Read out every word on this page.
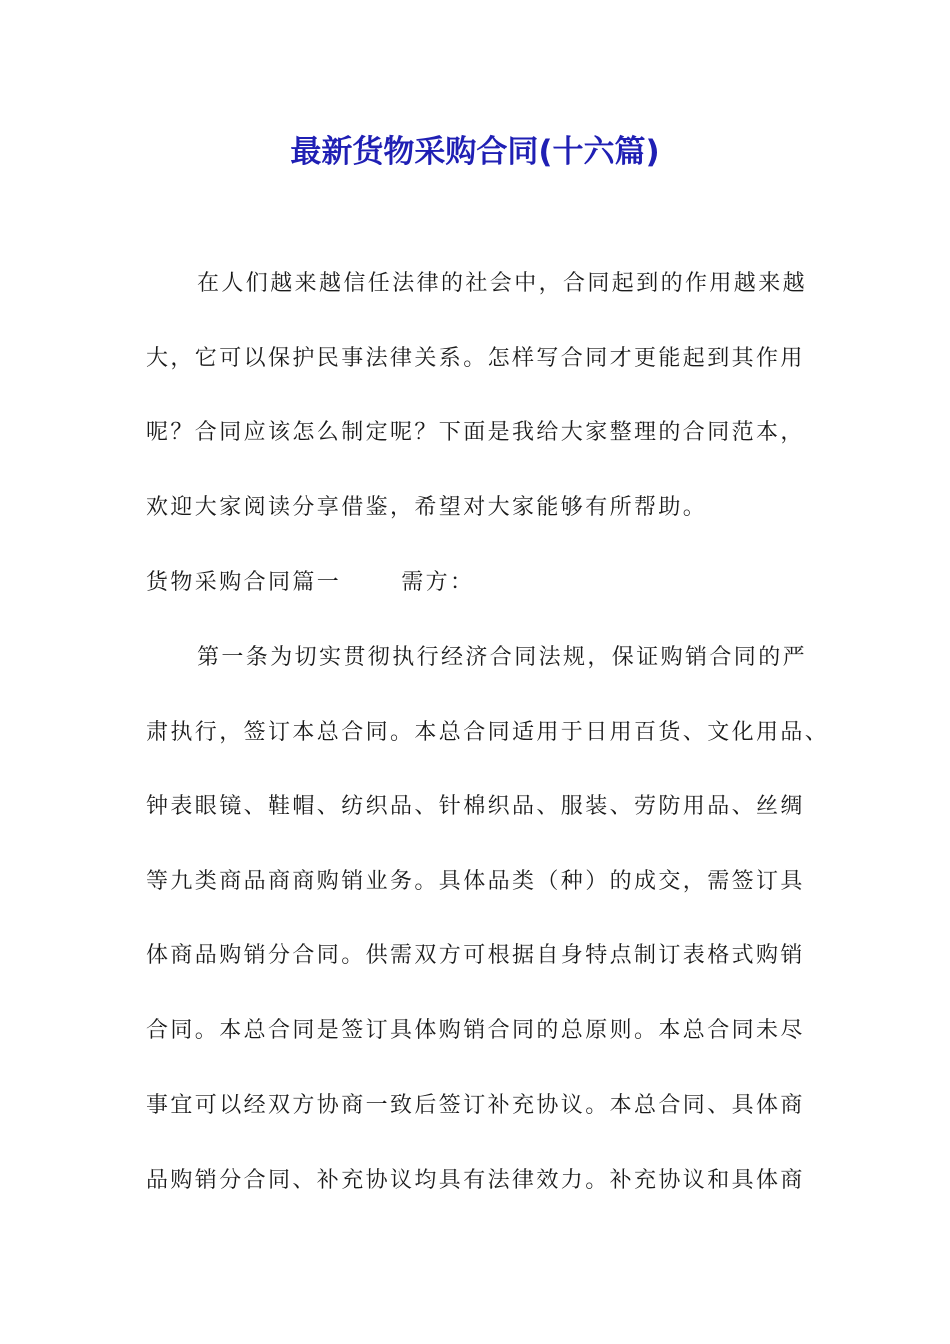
最新货物采购合同(十六篇)
在人们越来越信任法律的社会中，合同起到的作用越来越
大，它可以保护民事法律关系。怎样写合同才更能起到其作用
呢？合同应该怎么制定呢？下面是我给大家整理的合同范本，
欢迎大家阅读分享借鉴，希望对大家能够有所帮助。
货物采购合同篇一	需方：
第一条为切实贯彻执行经济合同法规，保证购销合同的严
肃执行，签订本总合同。本总合同适用于日用百货、文化用品、
钟表眼镜、鞋帽、纺织品、针棉织品、服装、劳防用品、丝绸
等九类商品商商购销业务。具体品类（种）的成交，需签订具
体商品购销分合同。供需双方可根据自身特点制订表格式购销
合同。本总合同是签订具体购销合同的总原则。本总合同未尽
事宜可以经双方协商一致后签订补充协议。本总合同、具体商
品购销分合同、补充协议均具有法律效力。补充协议和具体商
